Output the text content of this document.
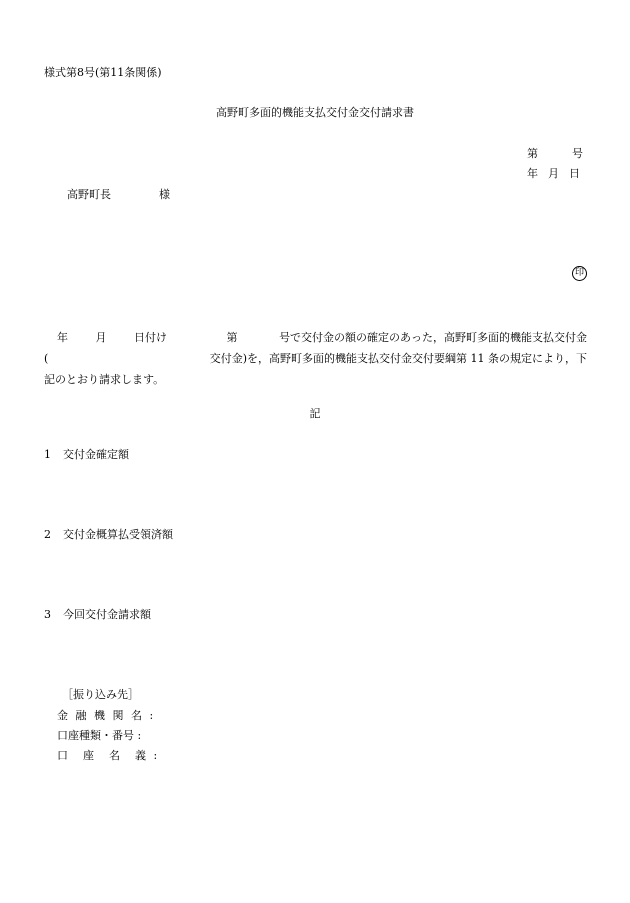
様式第8号(第11条関係)
高野町多面的機能支払交付金交付請求書
第	号
年 月 日
高野町長	様
印
年	月	日付け	第	号で交付金の額の確定のあった，高野町多面的機能支払交付金
(	交付金)を，高野町多面的機能支払交付金交付要綱第 11 条の規定により，下
記のとおり請求します。
記
1 交付金確定額
2 交付金概算払受領済額
3 今回交付金請求額
［振り込み先］
金 融 機 関 名 :
口座種類・番号 :
口　座　名　義 :
